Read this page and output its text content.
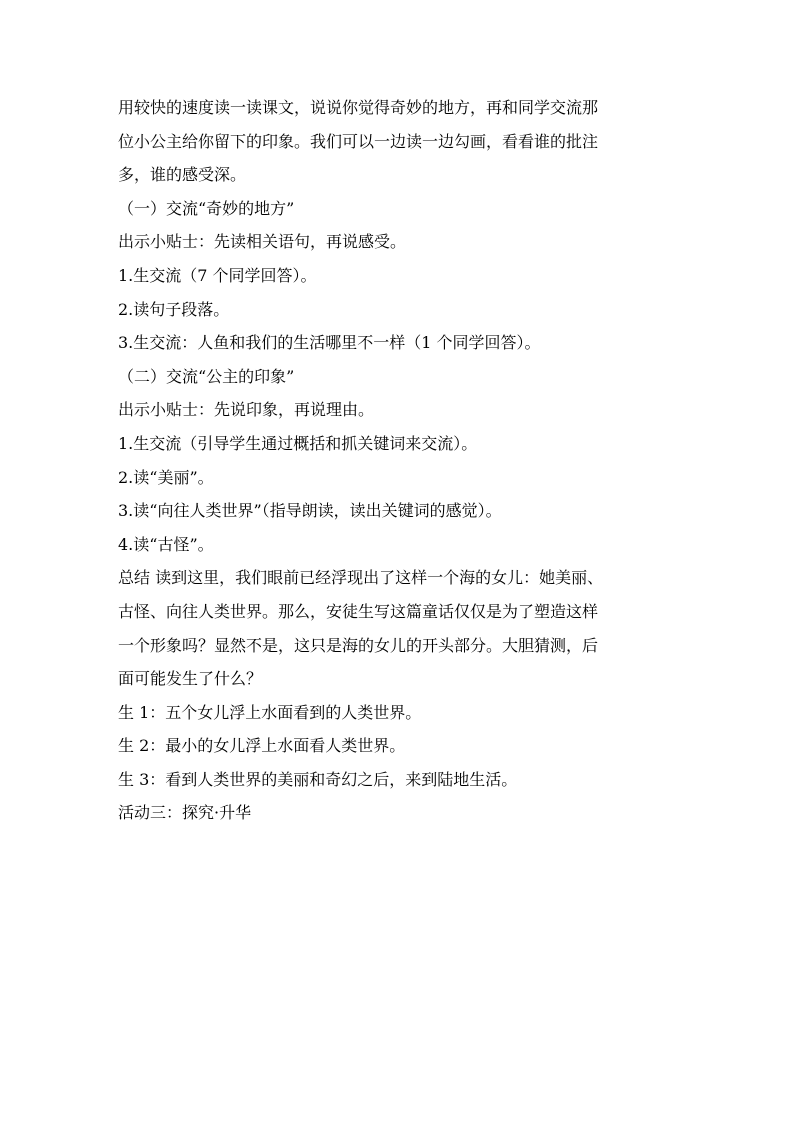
用较快的速度读一读课文，说说你觉得奇妙的地方，再和同学交流那
位小公主给你留下的印象。我们可以一边读一边勾画，看看谁的批注
多，谁的感受深。
（一）交流“奇妙的地方”
出示小贴士：先读相关语句，再说感受。
1.生交流（7 个同学回答）。
2.读句子段落。
3.生交流：人鱼和我们的生活哪里不一样（1 个同学回答）。
（二）交流“公主的印象”
出示小贴士：先说印象，再说理由。
1.生交流（引导学生通过概括和抓关键词来交流）。
2.读“美丽”。
3.读“向往人类世界”（指导朗读，读出关键词的感觉）。
4.读“古怪”。
总结 读到这里，我们眼前已经浮现出了这样一个海的女儿：她美丽、
古怪、向往人类世界。那么，安徒生写这篇童话仅仅是为了塑造这样
一个形象吗？显然不是，这只是海的女儿的开头部分。大胆猜测，后
面可能发生了什么？
生 1：五个女儿浮上水面看到的人类世界。
生 2：最小的女儿浮上水面看人类世界。
生 3：看到人类世界的美丽和奇幻之后，来到陆地生活。
活动三：探究·升华
